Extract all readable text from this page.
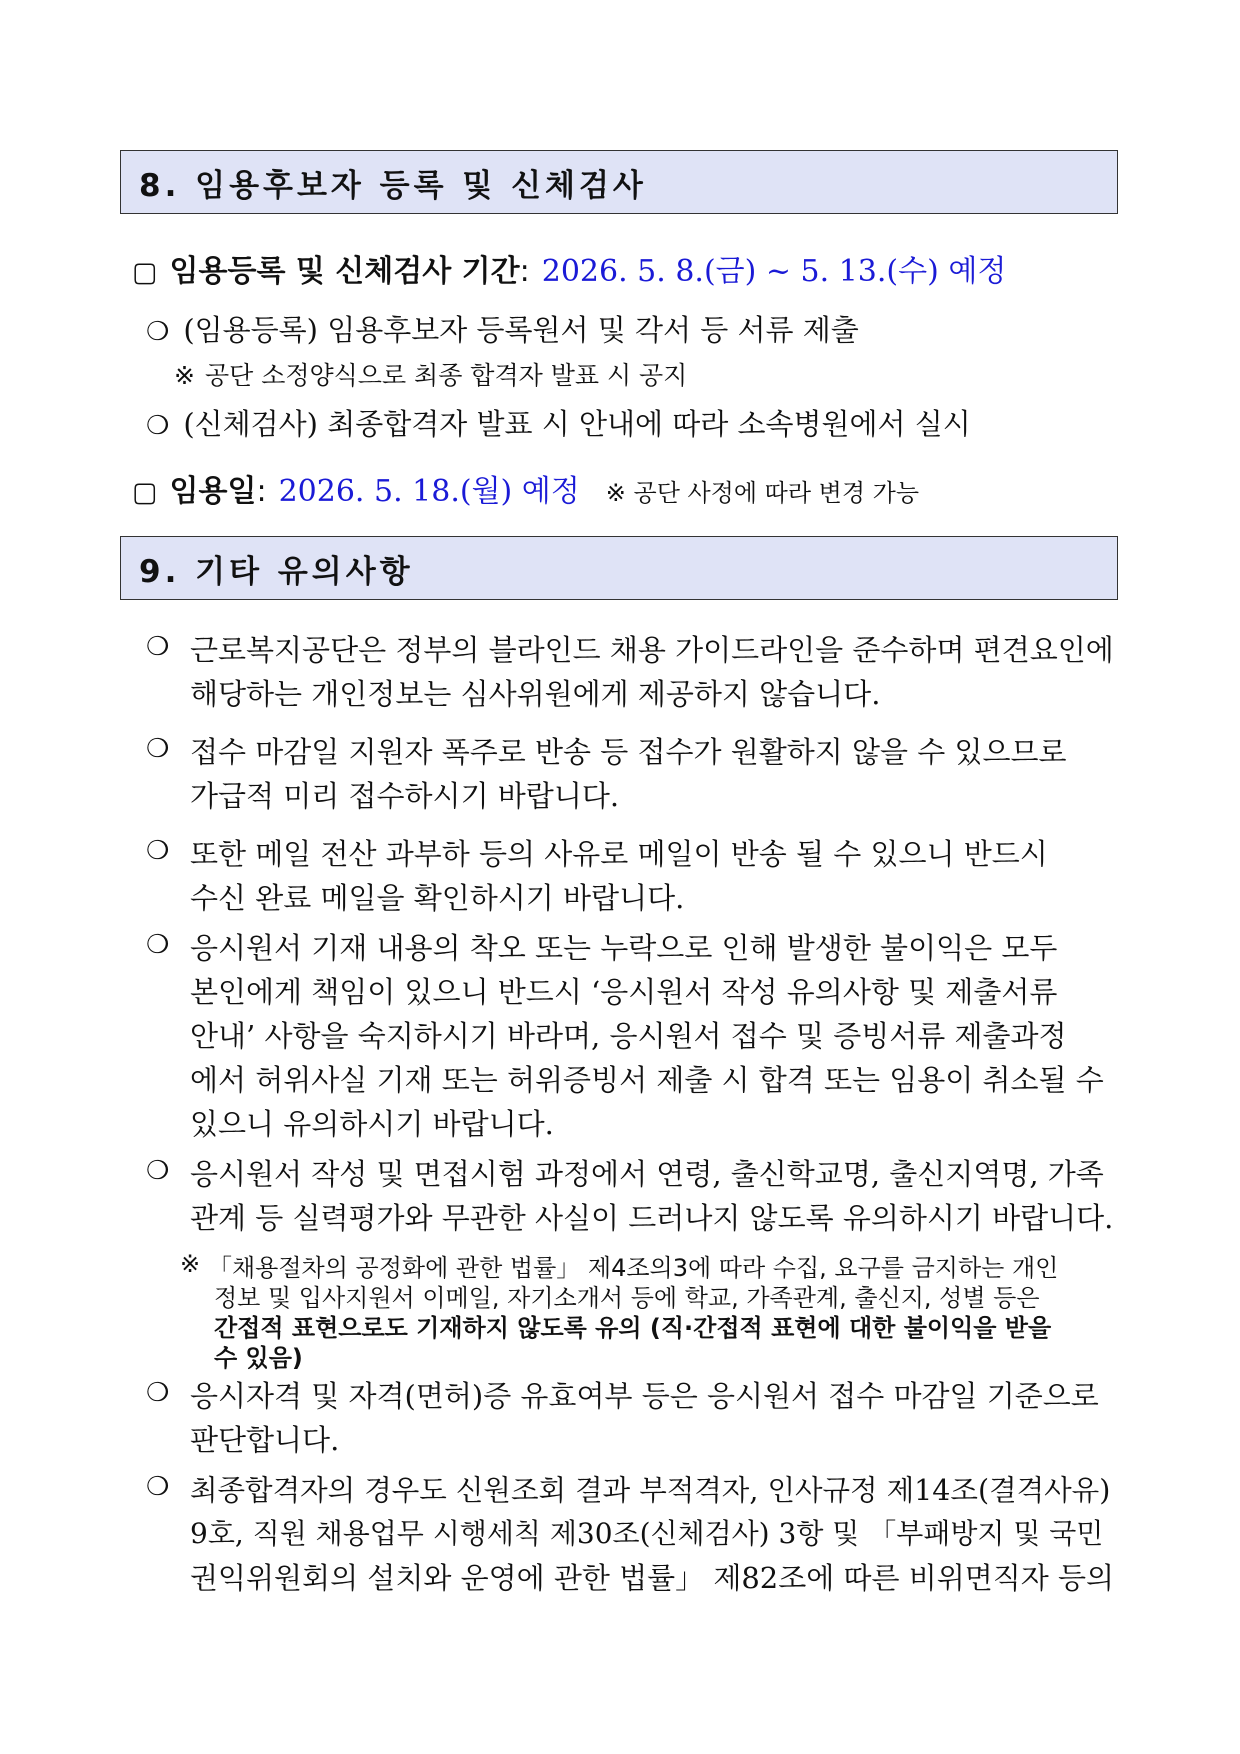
8. 임용후보자 등록 및 신체검사
▢ 임용등록 및 신체검사 기간: 2026. 5. 8.(금) ~ 5. 13.(수) 예정
❍ (임용등록) 임용후보자 등록원서 및 각서 등 서류 제출
※ 공단 소정양식으로 최종 합격자 발표 시 공지
❍ (신체검사) 최종합격자 발표 시 안내에 따라 소속병원에서 실시
▢ 임용일: 2026. 5. 18.(월) 예정 ※ 공단 사정에 따라 변경 가능
9. 기타 유의사항
❍ 근로복지공단은 정부의 블라인드 채용 가이드라인을 준수하며 편견요인에
해당하는 개인정보는 심사위원에게 제공하지 않습니다.
❍ 접수 마감일 지원자 폭주로 반송 등 접수가 원활하지 않을 수 있으므로
가급적 미리 접수하시기 바랍니다.
❍ 또한 메일 전산 과부하 등의 사유로 메일이 반송 될 수 있으니 반드시
수신 완료 메일을 확인하시기 바랍니다.
❍ 응시원서 기재 내용의 착오 또는 누락으로 인해 발생한 불이익은 모두
본인에게 책임이 있으니 반드시 ‘응시원서 작성 유의사항 및 제출서류
안내’ 사항을 숙지하시기 바라며, 응시원서 접수 및 증빙서류 제출과정
에서 허위사실 기재 또는 허위증빙서 제출 시 합격 또는 임용이 취소될 수
있으니 유의하시기 바랍니다.
❍ 응시원서 작성 및 면접시험 과정에서 연령, 출신학교명, 출신지역명, 가족
관계 등 실력평가와 무관한 사실이 드러나지 않도록 유의하시기 바랍니다.
※ 「채용절차의 공정화에 관한 법률」 제4조의3에 따라 수집, 요구를 금지하는 개인
정보 및 입사지원서 이메일, 자기소개서 등에 학교, 가족관계, 출신지, 성별 등은
간접적 표현으로도 기재하지 않도록 유의 (직·간접적 표현에 대한 불이익을 받을
수 있음)
❍ 응시자격 및 자격(면허)증 유효여부 등은 응시원서 접수 마감일 기준으로
판단합니다.
❍ 최종합격자의 경우도 신원조회 결과 부적격자, 인사규정 제14조(결격사유)
9호, 직원 채용업무 시행세칙 제30조(신체검사) 3항 및 「부패방지 및 국민
권익위원회의 설치와 운영에 관한 법률」 제82조에 따른 비위면직자 등의
